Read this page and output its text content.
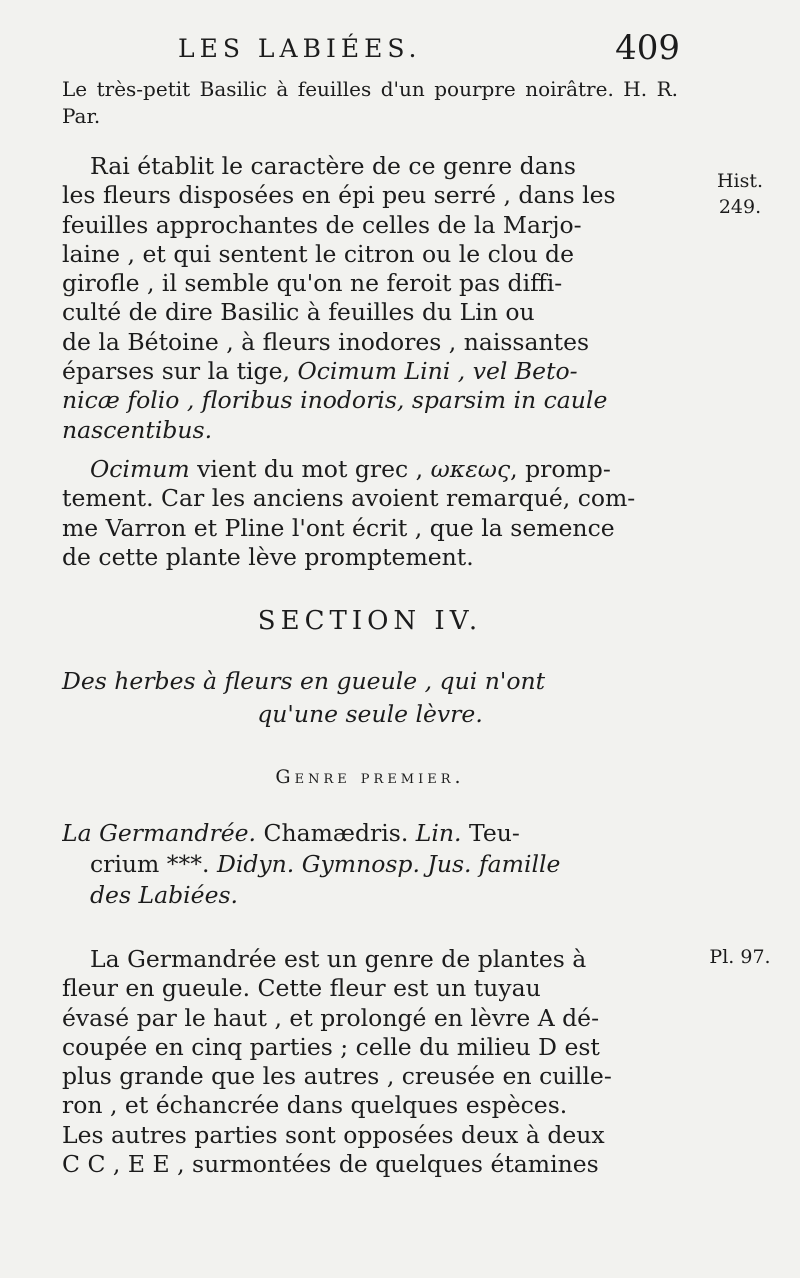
LES LABIÉES.	409
Le très-petit Basilic à feuilles d'un pourpre noirâtre. H. R. Par.
Rai établit le caractère de ce genre dans
les fleurs disposées en épi peu serré , dans les
feuilles approchantes de celles de la Marjo-
laine , et qui sentent le citron ou le clou de
girofle , il semble qu'on ne feroit pas diffi-
culté de dire Basilic à feuilles du Lin ou
de la Bétoine , à fleurs inodores , naissantes
éparses sur la tige, Ocimum Lini , vel Beto-
nicæ folio , floribus inodoris, sparsim in caule
nascentibus.
Ocimum vient du mot grec , ωκεως, promp-
tement. Car les anciens avoient remarqué, com-
me Varron et Pline l'ont écrit , que la semence
de cette plante lève promptement.
SECTION IV.
Des herbes à fleurs en gueule , qui n'ont
qu'une seule lèvre.
Genre premier.
La Germandrée. Chamædris. Lin. Teu-
crium ***. Didyn. Gymnosp. Jus. famille
des Labiées.
La Germandrée est un genre de plantes à
fleur en gueule. Cette fleur est un tuyau
évasé par le haut , et prolongé en lèvre A dé-
coupée en cinq parties ; celle du milieu D est
plus grande que les autres , creusée en cuille-
ron , et échancrée dans quelques espèces.
Les autres parties sont opposées deux à deux
C C , E E , surmontées de quelques étamines
Hist.
249.
Pl. 97.
